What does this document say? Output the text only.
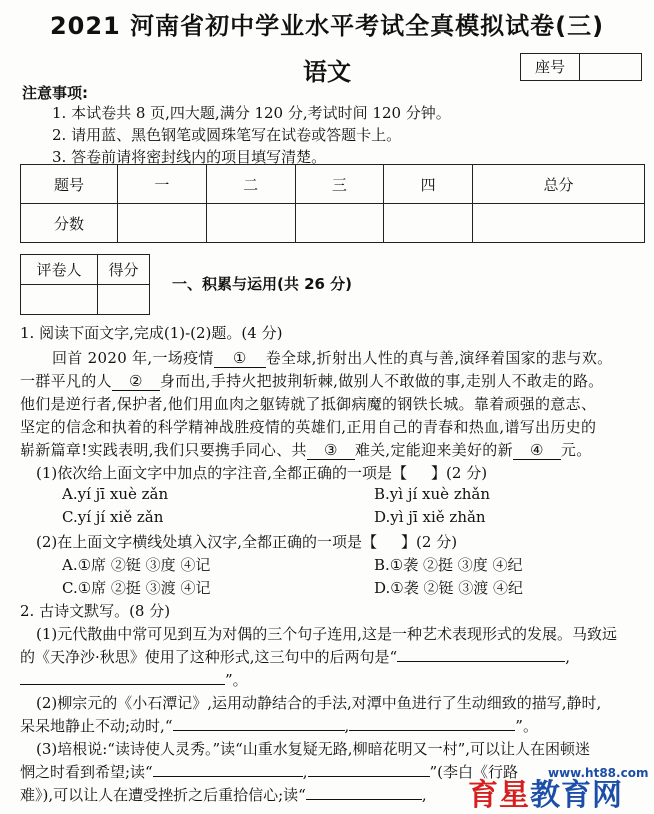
2021 河南省初中学业水平考试全真模拟试卷(三)
语文	座号
注意事项:
1. 本试卷共 8 页,四大题,满分 120 分,考试时间 120 分钟。
2. 请用蓝、黑色钢笔或圆珠笔写在试卷或答题卡上。
3. 答卷前请将密封线内的项目填写清楚。
题号	一	二	三	四	总分
分数					
评卷人	得分

一、积累与运用(共 26 分)
1. 阅读下面文字,完成(1)-(2)题。(4 分)
回首 2020 年,一场疫情 ① 卷全球,折射出人性的真与善,演绎着国家的悲与欢。
一群平凡的人 ② 身而出,手持火把披荆斩棘,做别人不敢做的事,走别人不敢走的路。
他们是逆行者,保护者,他们用血肉之躯铸就了抵御病魔的钢铁长城。靠着顽强的意志、
坚定的信念和执着的科学精神战胜疫情的英雄们,正用自己的青春和热血,谱写出历史的
崭新篇章!实践表明,我们只要携手同心、共 ③ 难关,定能迎来美好的新 ④ 元。
(1)依次给上面文字中加点的字注音,全都正确的一项是【 】(2 分)
A.yí jī xuè zǎn	B.yì jí xuè zhǎn
C.yí jí xiě zǎn	D.yì jī xiě zhǎn
(2)在上面文字横线处填入汉字,全都正确的一项是【 】(2 分)
A.①席 ②铤 ③度 ④记	B.①袭 ②挺 ③度 ④纪
C.①席 ②挺 ③渡 ④记	D.①袭 ②铤 ③渡 ④纪
2. 古诗文默写。(8 分)
(1)元代散曲中常可见到互为对偶的三个句子连用,这是一种艺术表现形式的发展。马致远
的《天净沙·秋思》使用了这种形式,这三句中的后两句是“	,
”。
(2)柳宗元的《小石潭记》,运用动静结合的手法,对潭中鱼进行了生动细致的描写,静时,
呆呆地静止不动;动时,“	,	”。
(3)培根说:“读诗使人灵秀。”读“山重水复疑无路,柳暗花明又一村”,可以让人在困顿迷
惘之时看到希望;读“	,	”(李白《行路
难》),可以让人在遭受挫折之后重拾信心;读“	, 育星教育网
www.ht88.com
